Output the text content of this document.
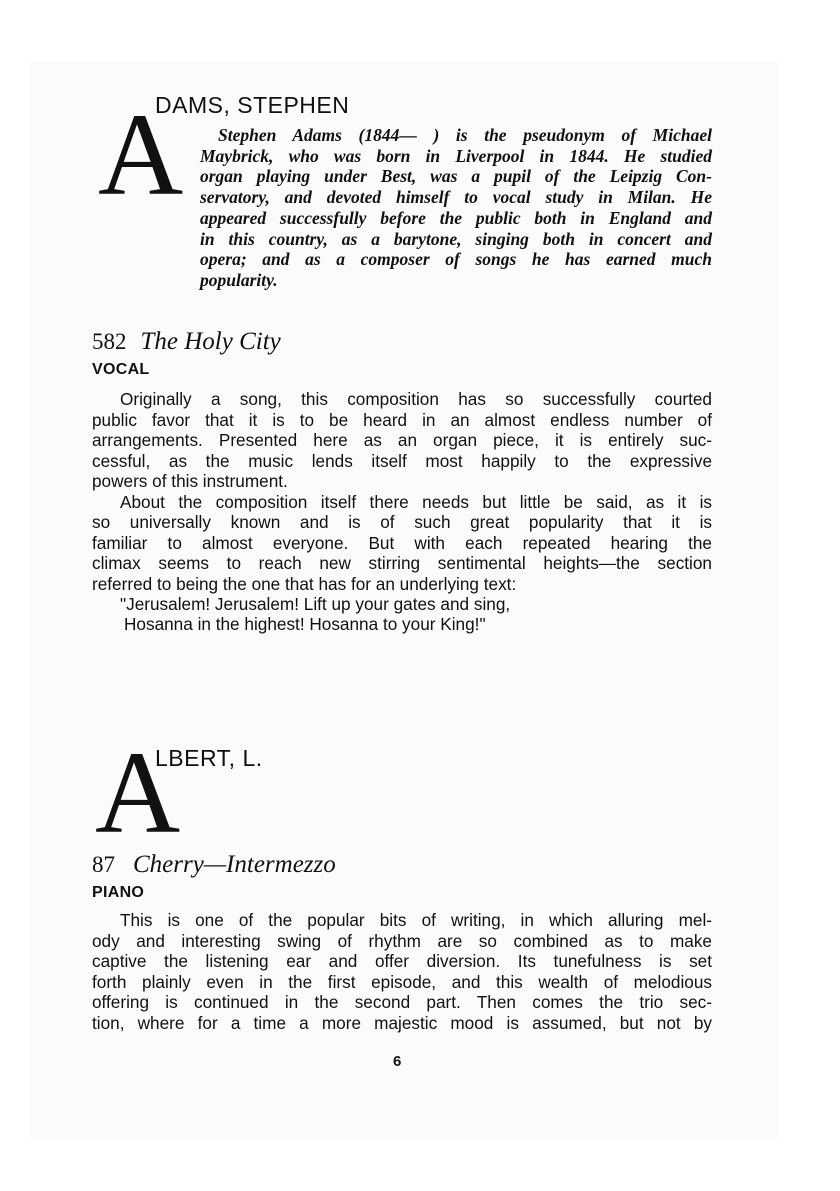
A
DAMS, STEPHEN

Stephen Adams (1844— ) is the pseudonym of Michael
Maybrick, who was born in Liverpool in 1844. He studied
organ playing under Best, was a pupil of the Leipzig Con-
servatory, and devoted himself to vocal study in Milan. He
appeared successfully before the public both in England and
in this country, as a barytone, singing both in concert and
opera; and as a composer of songs he has earned much
popularity.

582 The Holy City
VOCAL

Originally a song, this composition has so successfully courted
public favor that it is to be heard in an almost endless number of
arrangements. Presented here as an organ piece, it is entirely suc-
cessful, as the music lends itself most happily to the expressive
powers of this instrument.
About the composition itself there needs but little be said, as it is
so universally known and is of such great popularity that it is
familiar to almost everyone. But with each repeated hearing the
climax seems to reach new stirring sentimental heights—the section
referred to being the one that has for an underlying text:

"Jerusalem! Jerusalem! Lift up your gates and sing,
Hosanna in the highest! Hosanna to your King!"
A
LBERT, L.
87 Cherry—Intermezzo
PIANO

This is one of the popular bits of writing, in which alluring mel-
ody and interesting swing of rhythm are so combined as to make
captive the listening ear and offer diversion. Its tunefulness is set
forth plainly even in the first episode, and this wealth of melodious
offering is continued in the second part. Then comes the trio sec-
tion, where for a time a more majestic mood is assumed, but not by

6
